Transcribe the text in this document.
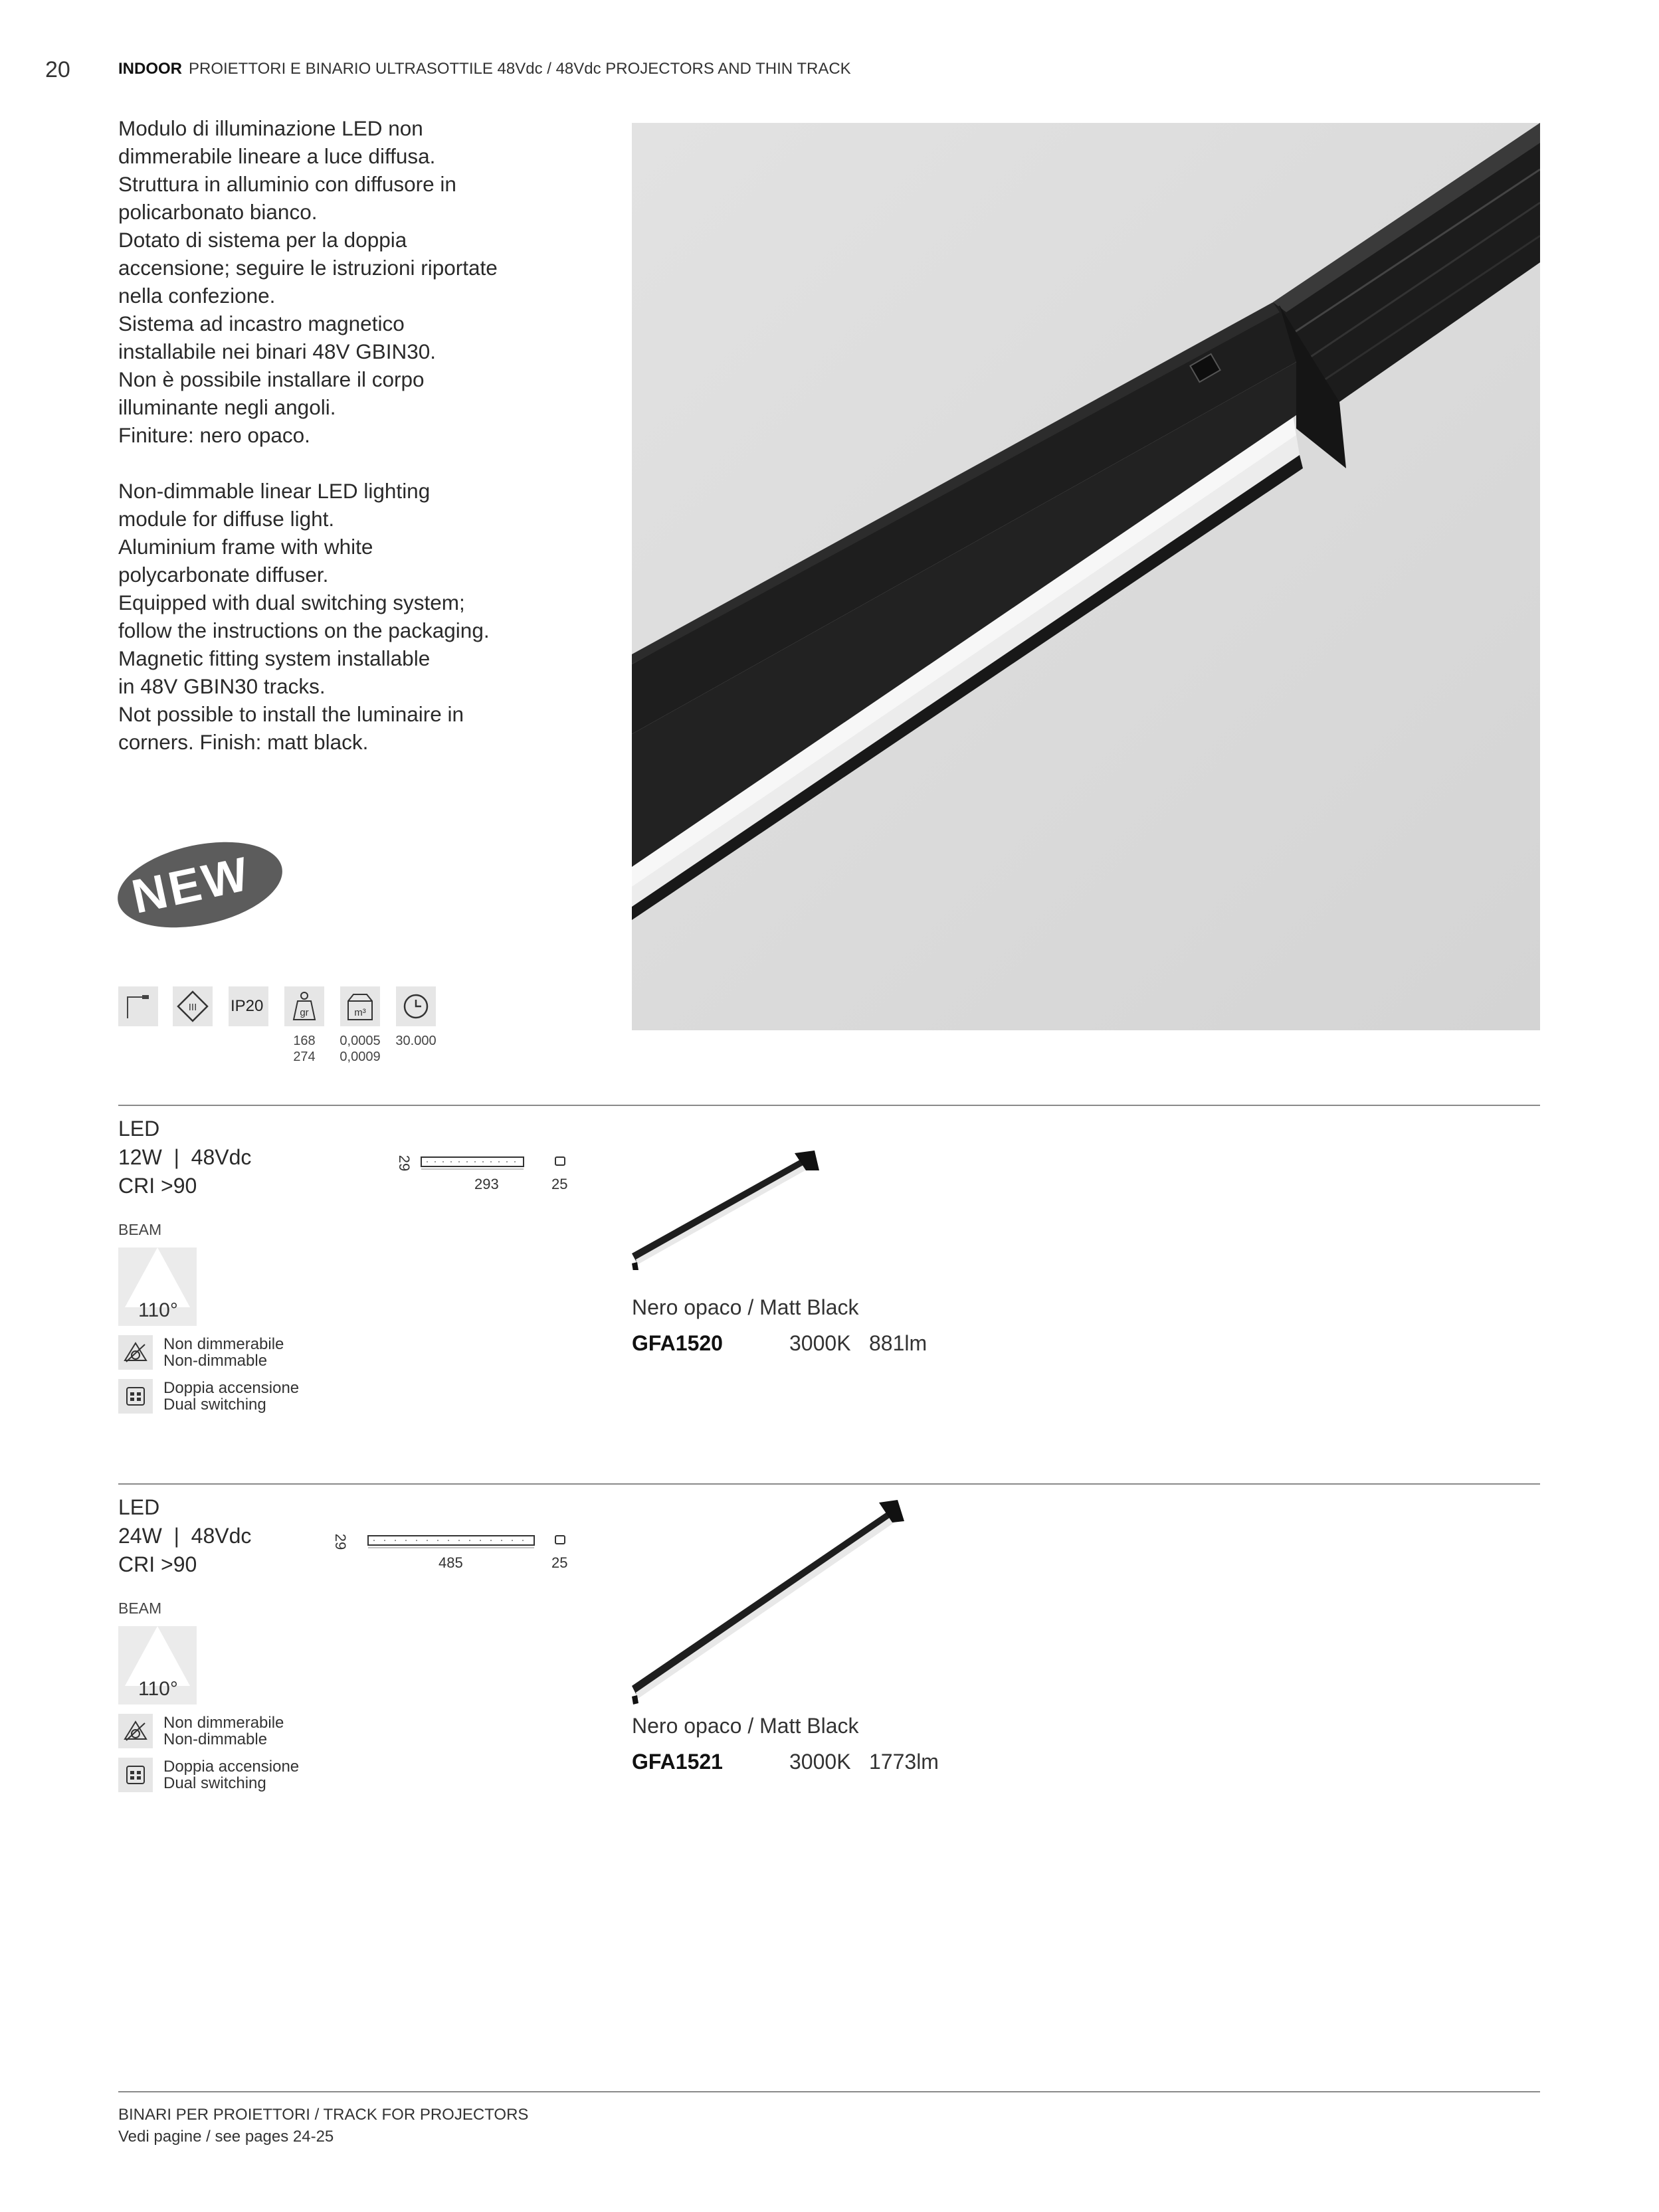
20	INDOOR PROIETTORI E BINARIO ULTRASOTTILE 48Vdc / 48Vdc PROJECTORS AND THIN TRACK

Modulo di illuminazione LED non
dimmerabile lineare a luce diffusa.
Struttura in alluminio con diffusore in
policarbonato bianco.
Dotato di sistema per la doppia
accensione; seguire le istruzioni riportate
nella confezione.
Sistema ad incastro magnetico
installabile nei binari 48V GBIN30.
Non è possibile installare il corpo
illuminante negli angoli.
Finiture: nero opaco.

Non-dimmable linear LED lighting
module for diffuse light.
Aluminium frame with white
polycarbonate diffuser.
Equipped with dual switching system;
follow the instructions on the packaging.
Magnetic fitting system installable
in 48V GBIN30 tracks.
Not possible to install the luminaire in
corners. Finish: matt black.

NEW
III IP20	gr	m³
168
274
0,0005
0,0009
30.000
LED
12W  |  48Vdc
CRI >90
29
293	25
BEAM
110°
Non dimmerabile
Non-dimmable
Doppia accensione
Dual switching
Nero opaco / Matt Black
GFA1520	3000K 881lm
LED
24W  |  48Vdc
CRI >90
29
485	25
BEAM
110°
Non dimmerabile
Non-dimmable
Doppia accensione
Dual switching
Nero opaco / Matt Black
GFA1521	3000K 1773lm
BINARI PER PROIETTORI / TRACK FOR PROJECTORS
Vedi pagine / see pages 24-25
